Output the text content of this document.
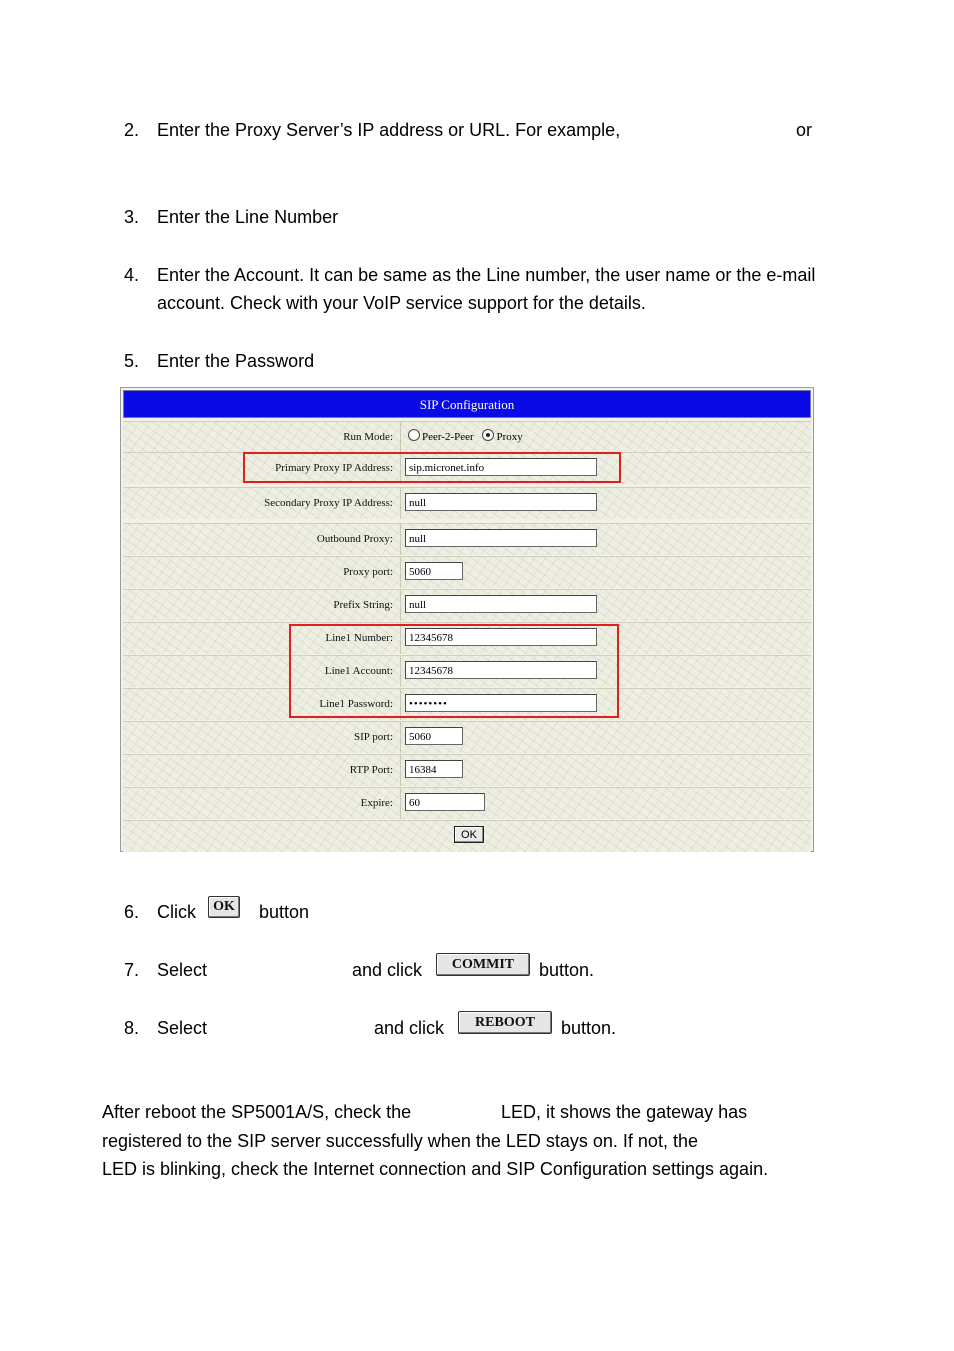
2. Enter the Proxy Server’s IP address or URL. For example,	or
3. Enter the Line Number
4. Enter the Account. It can be same as the Line number, the user name or the e-mail account. Check with your VoIP service support for the details.
5. Enter the Password
SIP Configuration
Run Mode:	Peer-2-Peer Proxy
Primary Proxy IP Address:	sip.micronet.info
Secondary Proxy IP Address:	null
Outbound Proxy:	null
Proxy port:	5060
Prefix String:	null
Line1 Number:	12345678
Line1 Account:	12345678
Line1 Password:	••••••••
SIP port:	5060
RTP Port:	16384
Expire:	60
OK
6. Click	OK button
7. Select	and click	COMMIT	button.
8. Select	and click	REBOOT	button.
After reboot the SP5001A/S, check the	LED, it shows the gateway has
registered to the SIP server successfully when the LED stays on. If not, the
LED is blinking, check the Internet connection and SIP Configuration settings again.
